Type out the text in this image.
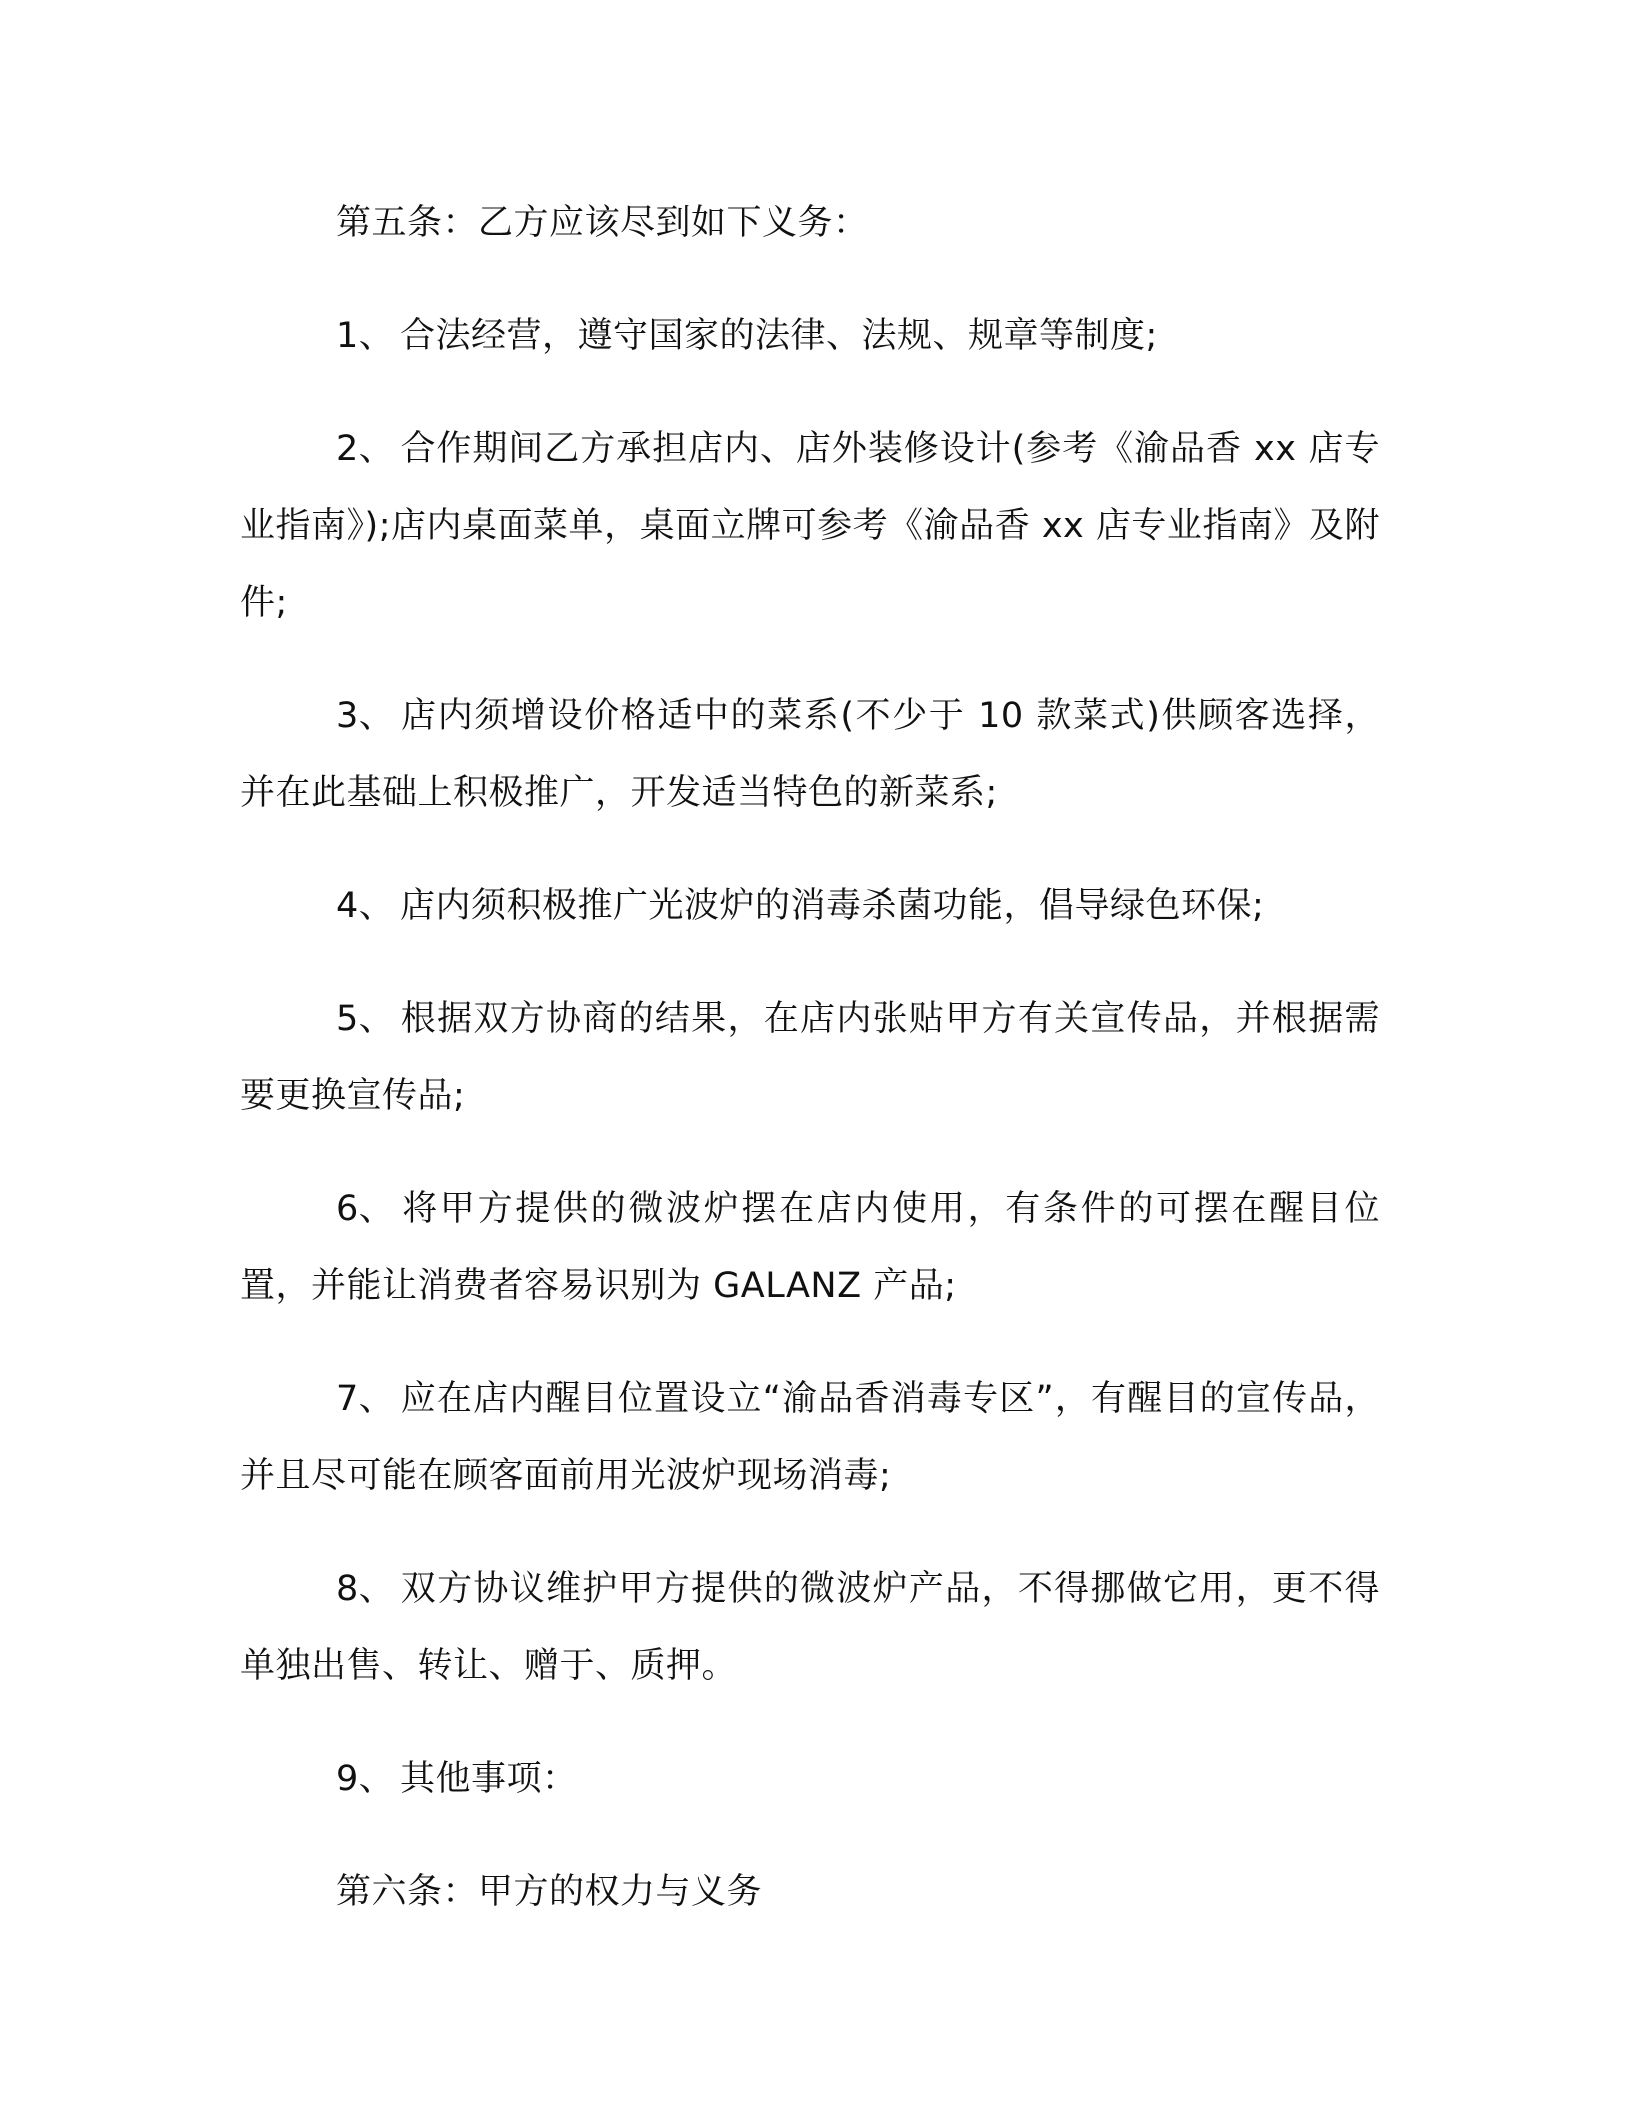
第五条：乙方应该尽到如下义务：

1、 合法经营，遵守国家的法律、法规、规章等制度;

2、 合作期间乙方承担店内、店外装修设计(参考《渝品香 xx 店专业指南》);店内桌面菜单，桌面立牌可参考《渝品香 xx 店专业指南》及附件;

3、 店内须增设价格适中的菜系(不少于 10 款菜式)供顾客选择，并在此基础上积极推广，开发适当特色的新菜系;

4、 店内须积极推广光波炉的消毒杀菌功能，倡导绿色环保;

5、 根据双方协商的结果，在店内张贴甲方有关宣传品，并根据需要更换宣传品;

6、 将甲方提供的微波炉摆在店内使用，有条件的可摆在醒目位置，并能让消费者容易识别为 GALANZ 产品;

7、 应在店内醒目位置设立“渝品香消毒专区”，有醒目的宣传品，并且尽可能在顾客面前用光波炉现场消毒;

8、 双方协议维护甲方提供的微波炉产品，不得挪做它用，更不得单独出售、转让、赠于、质押。

9、 其他事项：

第六条：甲方的权力与义务
